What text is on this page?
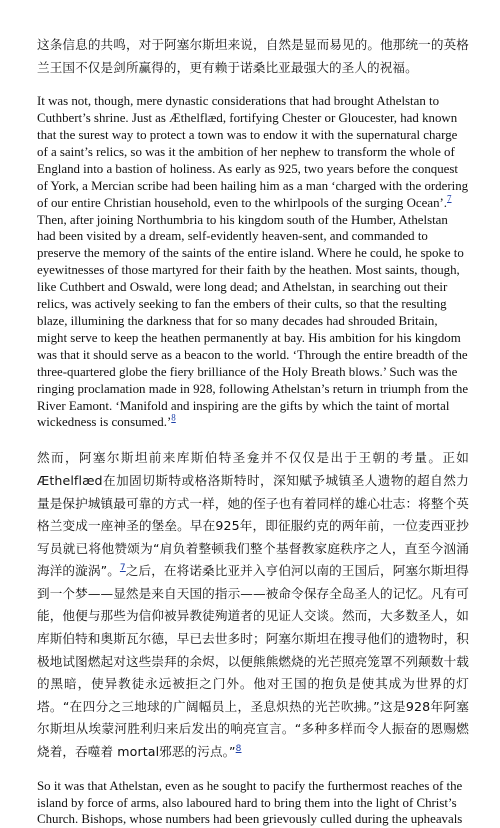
这条信息的共鸣，对于阿塞尔斯坦来说，自然是显而易见的。他那统一的英格兰王国不仅是剑所赢得的，更有赖于诺桑比亚最强大的圣人的祝福。

It was not, though, mere dynastic considerations that had brought Athelstan to Cuthbert’s shrine. Just as Æthelflæd, fortifying Chester or Gloucester, had known that the surest way to protect a town was to endow it with the supernatural charge of a saint’s relics, so was it the ambition of her nephew to transform the whole of England into a bastion of holiness. As early as 925, two years before the conquest of York, a Mercian scribe had been hailing him as a man ‘charged with the ordering of our entire Christian household, even to the whirlpools of the surging Ocean’.$^7$ Then, after joining Northumbria to his kingdom south of the Humber, Athelstan had been visited by a dream, self-evidently heaven-sent, and commanded to preserve the memory of the saints of the entire island. Where he could, he spoke to eyewitnesses of those martyred for their faith by the heathen. Most saints, though, like Cuthbert and Oswald, were long dead; and Athelstan, in searching out their relics, was actively seeking to fan the embers of their cults, so that the resulting blaze, illumining the darkness that for so many decades had shrouded Britain, might serve to keep the heathen permanently at bay. His ambition for his kingdom was that it should serve as a beacon to the world. ‘Through the entire breadth of the three-quartered globe the fiery brilliance of the Holy Breath blows.’ Such was the ringing proclamation made in 928, following Athelstan’s return in triumph from the River Eamont. ‘Manifold and inspiring are the gifts by which the taint of mortal wickedness is consumed.’$^8$

然而，阿塞尔斯坦前来库斯伯特圣龛并不仅仅是出于王朝的考量。正如Æthelflæd在加固切斯特或格洛斯特时，深知赋予城镇圣人遗物的超自然力量是保护城镇最可靠的方式一样，她的侄子也有着同样的雄心壮志：将整个英格兰变成一座神圣的堡垒。早在925年，即征服约克的两年前，一位麦西亚抄写员就已将他赞颂为“肩负着整顿我们整个基督教家庭秩序之人，直至今汹涌海洋的漩涡”。$^7$之后，在将诺桑比亚并入亨伯河以南的王国后，阿塞尔斯坦得到一个梦——显然是来自天国的指示——被命令保存全岛圣人的记忆。凡有可能，他便与那些为信仰被异教徒殉道者的见证人交谈。然而，大多数圣人，如库斯伯特和奥斯瓦尔德，早已去世多时；阿塞尔斯坦在搜寻他们的遗物时，积极地试图燃起对这些崇拜的余烬，以便熊熊燃烧的光芒照亮笼罩不列颠数十载的黑暗，使异教徒永远被拒之门外。他对王国的抱负是使其成为世界的灯塔。“在四分之三地球的广阔幅员上，圣息炽热的光芒吹拂。”这是928年阿塞尔斯坦从埃蒙河胜利归来后发出的响亮宣言。“多种多样而令人振奋的恩赐燃烧着，吞噬着 mortal邪恶的污点。”$^8$

So it was that Athelstan, even as he sought to pacify the furthermost reaches of the island by force of arms, also laboured hard to bring them into the light of Christ’s Church. Bishops, whose numbers had been grievously culled during the upheavals
